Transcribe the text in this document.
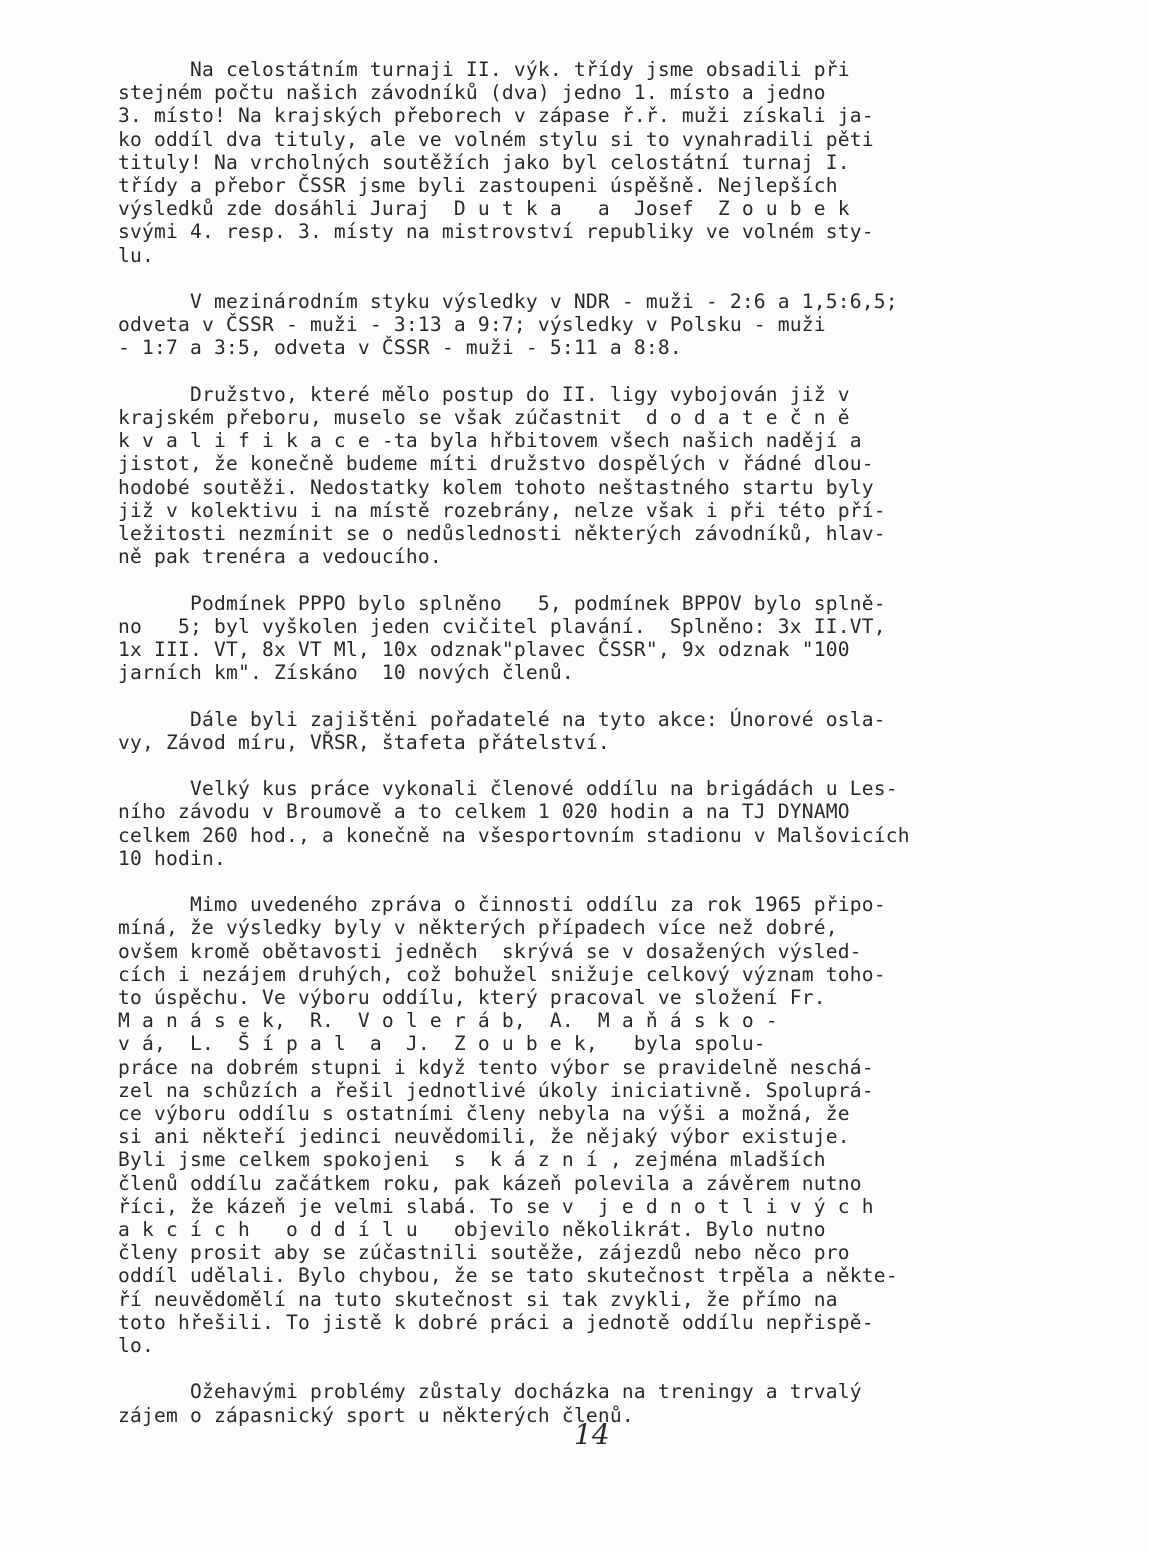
Na celostátním turnaji II. výk. třídy jsme obsadili při
stejném počtu našich závodníků (dva) jedno 1. místo a jedno
3. místo! Na krajských přeborech v zápase ř.ř. muži získali ja-
ko oddíl dva tituly, ale ve volném stylu si to vynahradili pěti
tituly! Na vrcholných soutěžích jako byl celostátní turnaj I.
třídy a přebor ČSSR jsme byli zastoupeni úspěšně. Nejlepších
výsledků zde dosáhli Juraj  D u t k a   a  Josef  Z o u b e k
svými 4. resp. 3. místy na mistrovství republiky ve volném sty-
lu.
V mezinárodním styku výsledky v NDR - muži - 2:6 a 1,5:6,5;
odveta v ČSSR - muži - 3:13 a 9:7; výsledky v Polsku - muži
- 1:7 a 3:5, odveta v ČSSR - muži - 5:11 a 8:8.
Družstvo, které mělo postup do II. ligy vybojován již v
krajském přeboru, muselo se však zúčastnit  d o d a t e č n ě
k v a l i f i k a c e -ta byla hřbitovem všech našich nadějí a
jistot, že konečně budeme míti družstvo dospělých v řádné dlou-
hodobé soutěži. Nedostatky kolem tohoto neštastného startu byly
již v kolektivu i na místě rozebrány, nelze však i při této pří-
ležitosti nezmínit se o nedůslednosti některých závodníků, hlav-
ně pak trenéra a vedoucího.
Podmínek PPPO bylo splněno   5, podmínek BPPOV bylo splně-
no   5; byl vyškolen jeden cvičitel plavání.  Splněno: 3x II.VT,
1x III. VT, 8x VT Ml, 10x odznak"plavec ČSSR", 9x odznak "100
jarních km". Získáno  10 nových členů.
Dále byli zajištěni pořadatelé na tyto akce: Únorové osla-
vy, Závod míru, VŘSR, štafeta přátelství.
Velký kus práce vykonali členové oddílu na brigádách u Les-
ního závodu v Broumově a to celkem 1 020 hodin a na TJ DYNAMO
celkem 260 hod., a konečně na všesportovním stadionu v Malšovicích
10 hodin.
Mimo uvedeného zpráva o činnosti oddílu za rok 1965 připo-
míná, že výsledky byly v některých případech více než dobré,
ovšem kromě obětavosti jedněch  skrývá se v dosažených výsled-
cích i nezájem druhých, což bohužel snižuje celkový význam toho-
to úspěchu. Ve výboru oddílu, který pracoval ve složení Fr.
M a n á s e k,  R.  V o l e r á b,  A.  M a ň á s k o -
v á,  L.  Š í p a l  a  J.  Z o u b e k,   byla spolu-
práce na dobrém stupni i když tento výbor se pravidelně neschá-
zel na schůzích a řešil jednotlivé úkoly iniciativně. Spoluprá-
ce výboru oddílu s ostatními členy nebyla na výši a možná, že
si ani někteří jedinci neuvědomili, že nějaký výbor existuje.
Byli jsme celkem spokojeni  s  k á z n í , zejména mladších
členů oddílu začátkem roku, pak kázeň polevila a závěrem nutno
říci, že kázeň je velmi slabá. To se v  j e d n o t l i v ý c h
a k c í c h   o d d í l u   objevilo několikrát. Bylo nutno
členy prosit aby se zúčastnili soutěže, zájezdů nebo něco pro
oddíl udělali. Bylo chybou, že se tato skutečnost trpěla a někte-
ří neuvědomělí na tuto skutečnost si tak zvykli, že přímo na
toto hřešili. To jistě k dobré práci a jednotě oddílu nepřispě-
lo.
Ožehavými problémy zůstaly docházka na treningy a trvalý
zájem o zápasnický sport u některých členů.
14
